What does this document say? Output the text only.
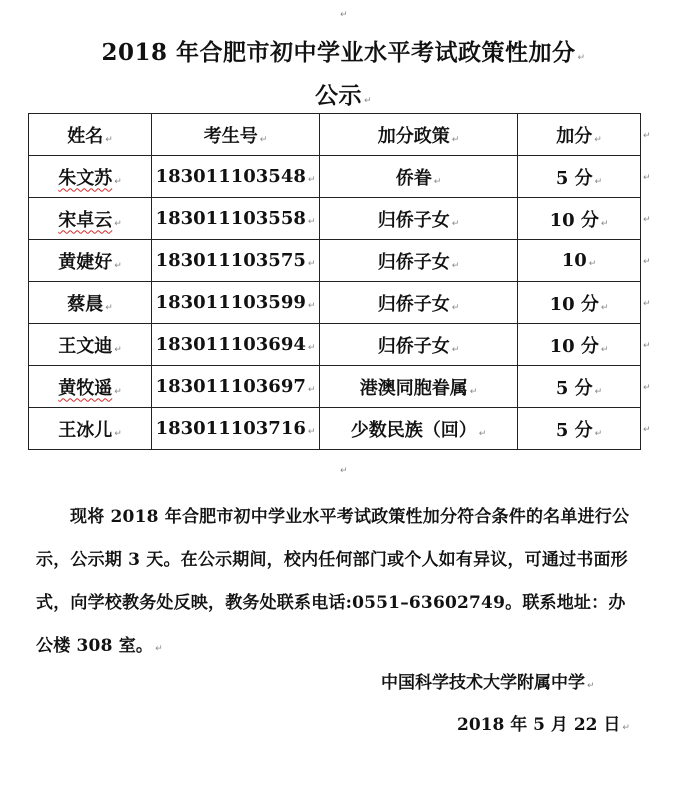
↵
2018 年合肥市初中学业水平考试政策性加分 ↵
公示 ↵
姓名 ↵	考生号 ↵	加分政策 ↵	加分 ↵
朱文苏 ↵	183011103548 ↵	侨眷 ↵	5 分 ↵
宋卓云 ↵	183011103558 ↵	归侨子女 ↵	10 分 ↵
黄婕好 ↵	183011103575 ↵	归侨子女 ↵	10 ↵
蔡晨 ↵	183011103599 ↵	归侨子女 ↵	10 分 ↵
王文迪 ↵	183011103694 ↵	归侨子女 ↵	10 分 ↵
黄牧遥 ↵	183011103697 ↵	港澳同胞眷属 ↵	5 分 ↵
王冰儿 ↵	183011103716 ↵	少数民族（回） ↵	5 分 ↵
↵
↵
↵
↵
↵
↵
↵
↵
↵
现将 2018 年合肥市初中学业水平考试政策性加分符合条件的名单进行公示，公示期 3 天。在公示期间，校内任何部门或个人如有异议，可通过书面形式，向学校教务处反映，教务处联系电话:0551–63602749。联系地址：办公楼 308 室。 ↵
中国科学技术大学附属中学 ↵
2018 年 5 月 22 日 ↵
